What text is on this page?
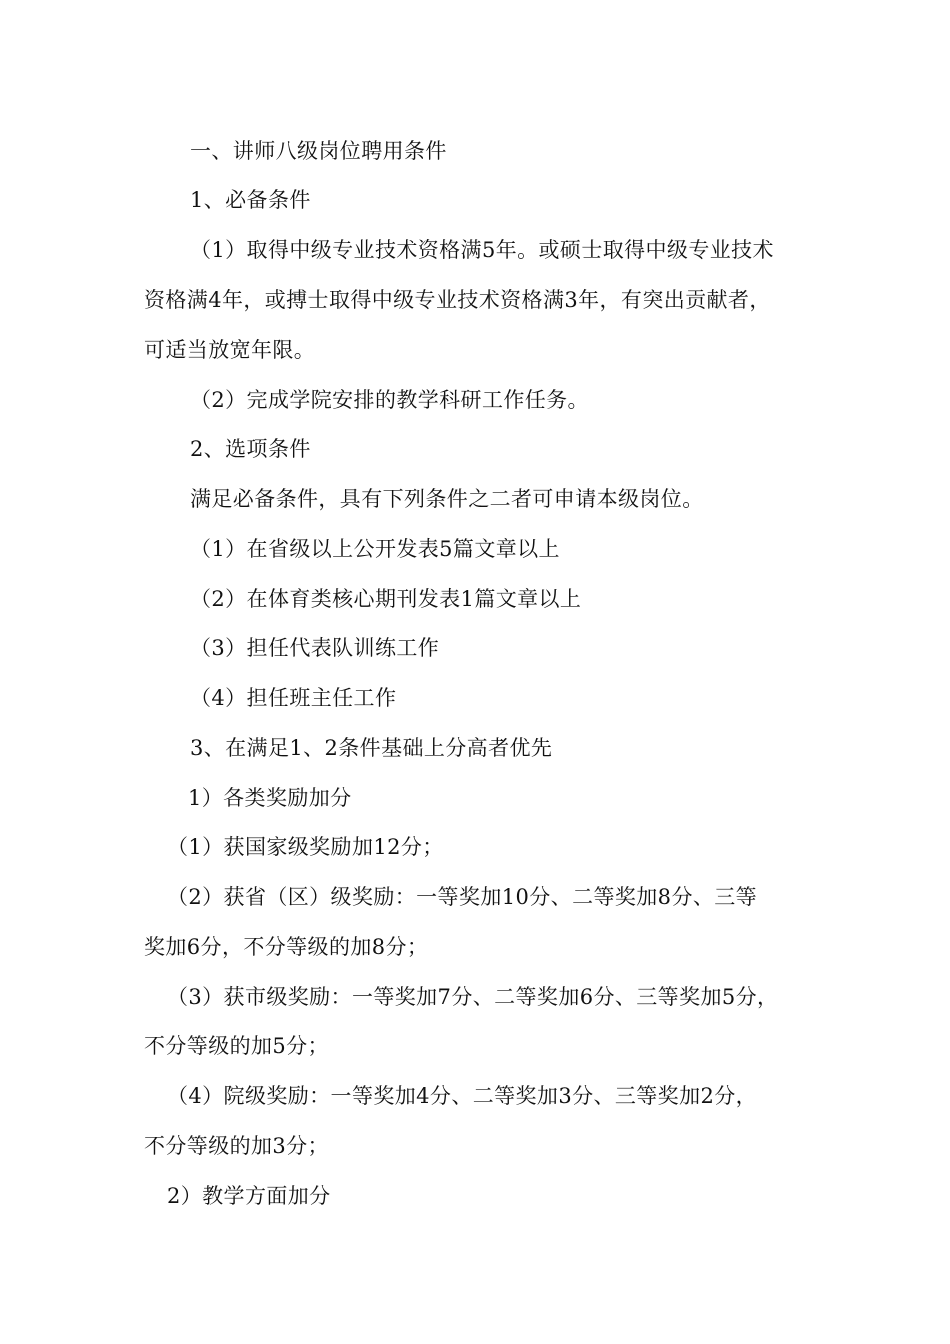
一、讲师八级岗位聘用条件
1、必备条件
（1）取得中级专业技术资格满5年。或硕士取得中级专业技术
资格满4年，或搏士取得中级专业技术资格满3年，有突出贡献者，
可适当放宽年限。
（2）完成学院安排的教学科研工作任务。
2、选项条件
满足必备条件，具有下列条件之二者可申请本级岗位。
（1）在省级以上公开发表5篇文章以上
（2）在体育类核心期刊发表1篇文章以上
（3）担任代表队训练工作
（4）担任班主任工作
3、在满足1、2条件基础上分高者优先
1）各类奖励加分
（1）获国家级奖励加12分；
（2）获省（区）级奖励：一等奖加10分、二等奖加8分、三等
奖加6分，不分等级的加8分；
（3）获市级奖励：一等奖加7分、二等奖加6分、三等奖加5分，
不分等级的加5分；
（4）院级奖励：一等奖加4分、二等奖加3分、三等奖加2分，
不分等级的加3分；
2）教学方面加分
